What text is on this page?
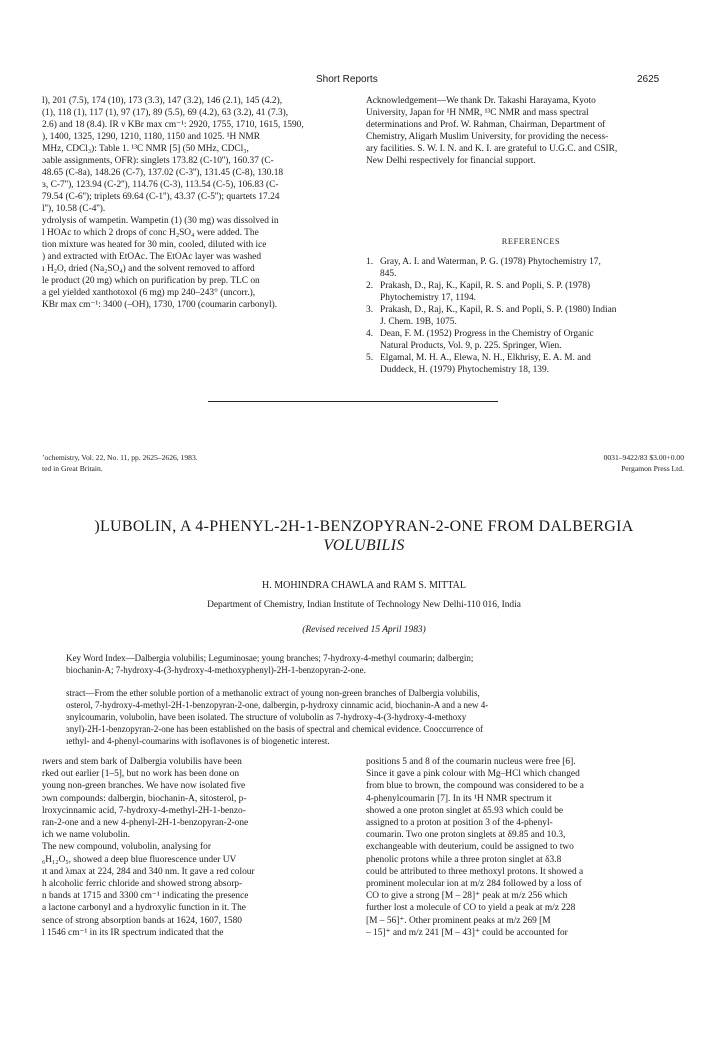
Short Reports	2625
l), 201 (7.5), 174 (10), 173 (3.3), 147 (3.2), 146 (2.1), 145 (4.2),
(1), 118 (1), 117 (1), 97 (17), 89 (5.5), 69 (4.2), 63 (3.2), 41 (7.3),
2.6) and 18 (8.4). IR ν KBr max cm⁻¹: 2920, 1755, 1710, 1615, 1590,
), 1400, 1325, 1290, 1210, 1180, 1150 and 1025. ¹H NMR
MHz, CDCl₃): Table 1. ¹³C NMR [5] (50 MHz, CDCl₃,
ɔable assignments, OFR): singlets 173.82 (C-10''), 160.37 (C-
48.65 (C-8a), 148.26 (C-7), 137.02 (C-3''), 131.45 (C-8), 130.18
ɜ, C-7''), 123.94 (C-2''), 114.76 (C-3), 113.54 (C-5), 106.83 (C-
79.54 (C-6''); triplets 69.64 (C-1''), 43.37 (C-5''); quartets 17.24
l''), 10.58 (C-4'').
ydrolysis of wampetin. Wampetin (1) (30 mg) was dissolved in
l HOAc to which 2 drops of conc H₂SO₄ were added. The
tion mixture was heated for 30 min, cooled, diluted with ice
) and extracted with EtOAc. The EtOAc layer was washed
ı H₂O, dried (Na₂SO₄) and the solvent removed to afford
le product (20 mg) which on purification by prep. TLC on
a gel yielded xanthotoxol (6 mg) mp 240–243° (uncorr.),
KBr max cm⁻¹: 3400 (–OH), 1730, 1700 (coumarin carbonyl).
Acknowledgement—We thank Dr. Takashi Harayama, Kyoto
University, Japan for ¹H NMR, ¹³C NMR and mass spectral
determinations and Prof. W. Rahman, Chairman, Department of
Chemistry, Aligarh Muslim University, for providing the necess-
ary facilities. S. W. I. N. and K. I. are grateful to U.G.C. and CSIR,
New Delhi respectively for financial support.
REFERENCES
1. Gray, A. I. and Waterman, P. G. (1978) Phytochemistry 17,
845.
2. Prakash, D., Raj, K., Kapil, R. S. and Popli, S. P. (1978)
Phytochemistry 17, 1194.
3. Prakash, D., Raj, K., Kapil, R. S. and Popli, S. P. (1980) Indian
J. Chem. 19B, 1075.
4. Dean, F. M. (1952) Progress in the Chemistry of Organic
Natural Products, Vol. 9, p. 225. Springer, Wien.
5. Elgamal, M. H. A., Elewa, N. H., Elkhrisy, E. A. M. and
Duddeck, H. (1979) Phytochemistry 18, 139.
ʼochemistry, Vol. 22, No. 11, pp. 2625–2626, 1983.
ted in Great Britain.
0031–9422/83 $3.00+0.00
Pergamon Press Ltd.
)LUBOLIN, A 4-PHENYL-2H-1-BENZOPYRAN-2-ONE FROM DALBERGIA
VOLUBILIS
H. MOHINDRA CHAWLA and RAM S. MITTAL
Department of Chemistry, Indian Institute of Technology New Delhi-110 016, India
(Revised received 15 April 1983)
Key Word Index—Dalbergia volubilis; Leguminosae; young branches; 7-hydroxy-4-methyl coumarin; dalbergin;
biochanin-A; 7-hydroxy-4-(3-hydroxy-4-methoxyphenyl)-2H-1-benzopyran-2-one.
stract—From the ether soluble portion of a methanolic extract of young non-green branches of Dalbergia volubilis,
osterol, 7-hydroxy-4-methyl-2H-1-benzopyran-2-one, dalbergin, p-hydroxy cinnamic acid, biochanin-A and a new 4-
ɜnylcoumarin, volubolin, have been isolated. The structure of volubolin as 7-hydroxy-4-(3-hydroxy-4-methoxy
ɜnyl)-2H-1-benzopyran-2-one has been established on the basis of spectral and chemical evidence. Cooccurrence of
ıethyl- and 4-phenyl-coumarins with isoflavones is of biogenetic interest.
ɪwers and stem bark of Dalbergia volubilis have been
rked out earlier [1–5], but no work has been done on
young non-green branches. We have now isolated five
ɔwn compounds: dalbergin, biochanin-A, sitosterol, p-
lroxycinnamic acid, 7-hydroxy-4-methyl-2H-1-benzo-
ran-2-one and a new 4-phenyl-2H-1-benzopyran-2-one
ich we name volubolin.
The new compound, volubolin, analysing for
₆H₁₂O₅, showed a deep blue fluorescence under UV
ıt and λmax at 224, 284 and 340 nm. It gave a red colour
h alcoholic ferric chloride and showed strong absorp-
n bands at 1715 and 3300 cm⁻¹ indicating the presence
a lactone carbonyl and a hydroxylic function in it. The
sence of strong absorption bands at 1624, 1607, 1580
l 1546 cm⁻¹ in its IR spectrum indicated that the
positions 5 and 8 of the coumarin nucleus were free [6].
Since it gave a pink colour with Mg–HCl which changed
from blue to brown, the compound was considered to be a
4-phenylcoumarin [7]. In its ¹H NMR spectrum it
showed a one proton singlet at δ5.93 which could be
assigned to a proton at position 3 of the 4-phenyl-
coumarin. Two one proton singlets at δ9.85 and 10.3,
exchangeable with deuterium, could be assigned to two
phenolic protons while a three proton singlet at δ3.8
could be attributed to three methoxyl protons. It showed a
prominent molecular ion at m/z 284 followed by a loss of
CO to give a strong [M – 28]⁺ peak at m/z 256 which
further lost a molecule of CO to yield a peak at m/z 228
[M – 56]⁺. Other prominent peaks at m/z 269 [M
– 15]⁺ and m/z 241 [M – 43]⁺ could be accounted for
